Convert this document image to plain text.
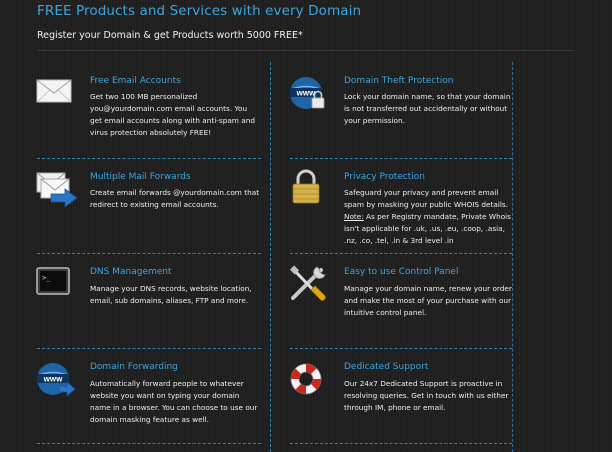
FREE Products and Services with every Domain
Register your Domain & get Products worth 5000 FREE*
Free Email Accounts
Get two 100 MB personalized you@yourdomain.com email accounts. You get email accounts along with anti-spam and virus protection absolutely FREE!
www
Domain Theft Protection
Lock your domain name, so that your domain is not transferred out accidentally or without your permission.
Multiple Mail Forwards
Create email forwards @yourdomain.com that redirect to existing email accounts.
Privacy Protection
Safeguard your privacy and prevent email spam by masking your public WHOIS details. Note: As per Registry mandate, Private Whois isn't applicable for .uk, .us, .eu, .coop, .asia, .nz, .co, .tel, .in & 3rd level .in
>_
DNS Management
Manage your DNS records, website location, email, sub domains, aliases, FTP and more.
Easy to use Control Panel
Manage your domain name, renew your order and make the most of your purchase with our intuitive control panel.
www
Domain Forwarding
Automatically forward people to whatever website you want on typing your domain name in a browser. You can choose to use our domain masking feature as well.
Dedicated Support
Our 24x7 Dedicated Support is proactive in resolving queries. Get in touch with us either through IM, phone or email.
